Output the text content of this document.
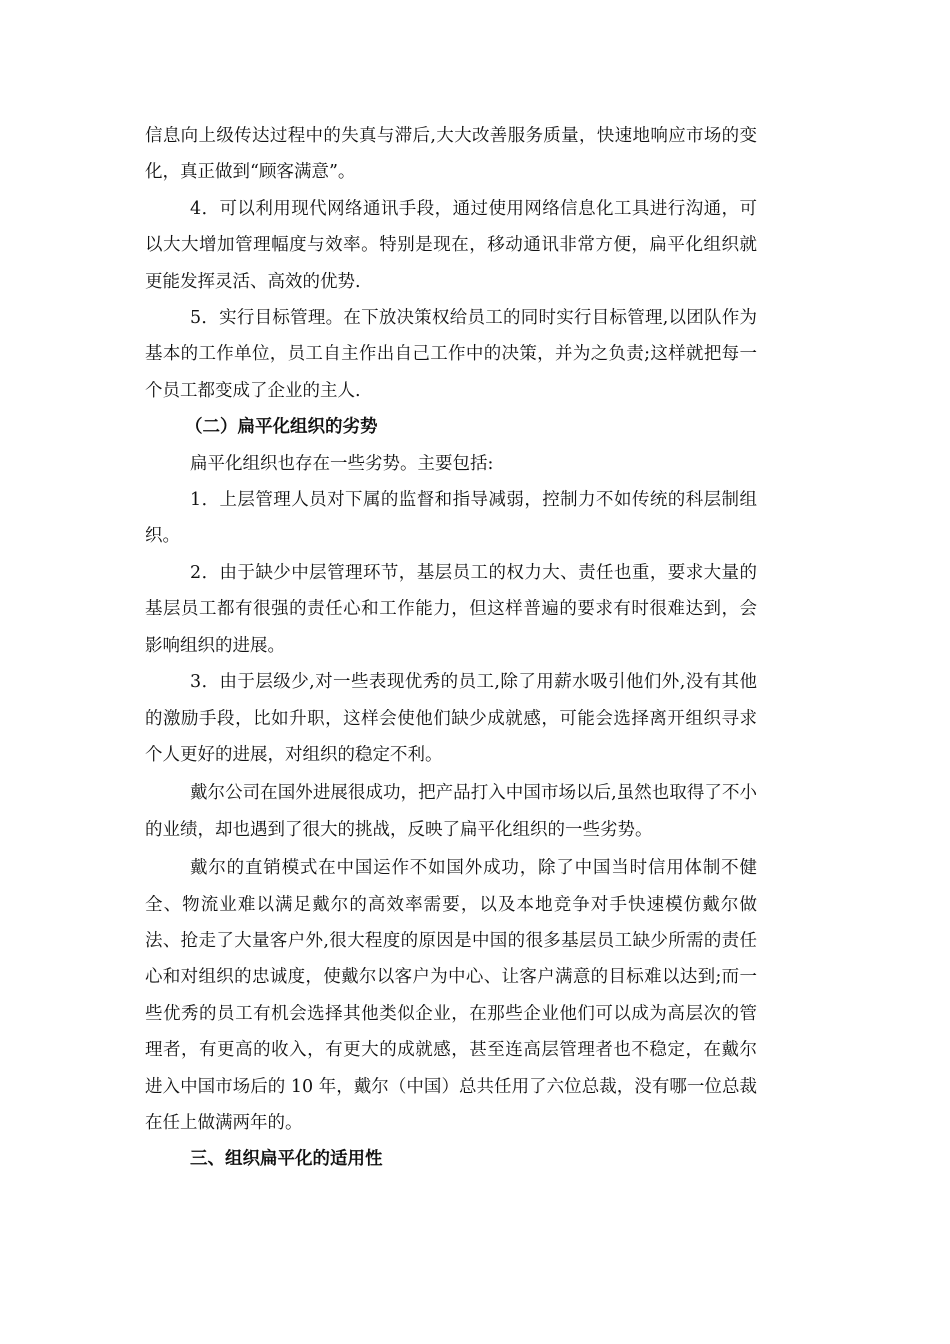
信息向上级传达过程中的失真与滞后,大大改善服务质量，快速地响应市场的变化，真正做到“顾客满意”。

4．可以利用现代网络通讯手段，通过使用网络信息化工具进行沟通，可以大大增加管理幅度与效率。特别是现在，移动通讯非常方便，扁平化组织就更能发挥灵活、高效的优势.

5．实行目标管理。在下放决策权给员工的同时实行目标管理,以团队作为基本的工作单位，员工自主作出自己工作中的决策，并为之负责;这样就把每一个员工都变成了企业的主人.

（二）扁平化组织的劣势

扁平化组织也存在一些劣势。主要包括:

1．上层管理人员对下属的监督和指导减弱，控制力不如传统的科层制组织。

2．由于缺少中层管理环节，基层员工的权力大、责任也重，要求大量的基层员工都有很强的责任心和工作能力，但这样普遍的要求有时很难达到，会影响组织的进展。

3．由于层级少,对一些表现优秀的员工,除了用薪水吸引他们外,没有其他的激励手段，比如升职，这样会使他们缺少成就感，可能会选择离开组织寻求个人更好的进展，对组织的稳定不利。

戴尔公司在国外进展很成功，把产品打入中国市场以后,虽然也取得了不小的业绩，却也遇到了很大的挑战，反映了扁平化组织的一些劣势。

戴尔的直销模式在中国运作不如国外成功，除了中国当时信用体制不健全、物流业难以满足戴尔的高效率需要，以及本地竞争对手快速模仿戴尔做法、抢走了大量客户外,很大程度的原因是中国的很多基层员工缺少所需的责任心和对组织的忠诚度，使戴尔以客户为中心、让客户满意的目标难以达到;而一些优秀的员工有机会选择其他类似企业，在那些企业他们可以成为高层次的管理者，有更高的收入，有更大的成就感，甚至连高层管理者也不稳定，在戴尔进入中国市场后的 10 年，戴尔（中国）总共任用了六位总裁，没有哪一位总裁在任上做满两年的。

三、组织扁平化的适用性
